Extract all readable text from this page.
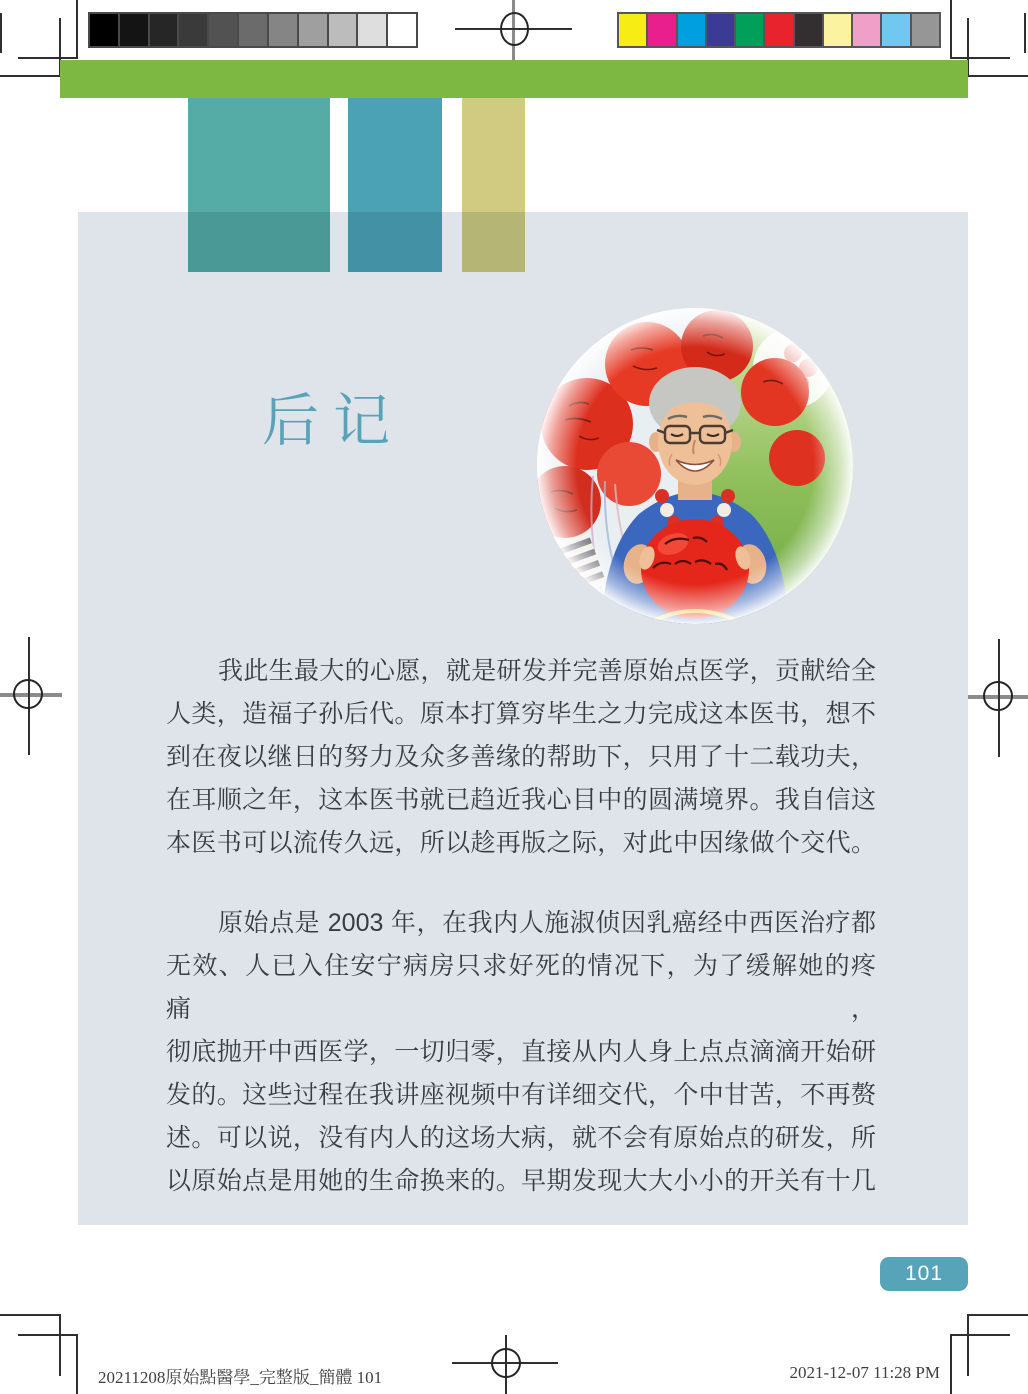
后记
我此生最大的心愿，就是研发并完善原始点医学，贡献给全
人类，造福子孙后代。原本打算穷毕生之力完成这本医书，想不
到在夜以继日的努力及众多善缘的帮助下，只用了十二载功夫，
在耳顺之年，这本医书就已趋近我心目中的圆满境界。我自信这
本医书可以流传久远，所以趁再版之际，对此中因缘做个交代。
原始点是 2003 年，在我内人施淑侦因乳癌经中西医治疗都
无效、人已入住安宁病房只求好死的情况下，为了缓解她的疼痛，
彻底抛开中西医学，一切归零，直接从内人身上点点滴滴开始研
发的。这些过程在我讲座视频中有详细交代，个中甘苦，不再赘
述。可以说，没有内人的这场大病，就不会有原始点的研发，所
以原始点是用她的生命换来的。早期发现大大小小的开关有十几
101
20211208原始點醫學_完整版_簡體 101	2021-12-07 11:28 PM
